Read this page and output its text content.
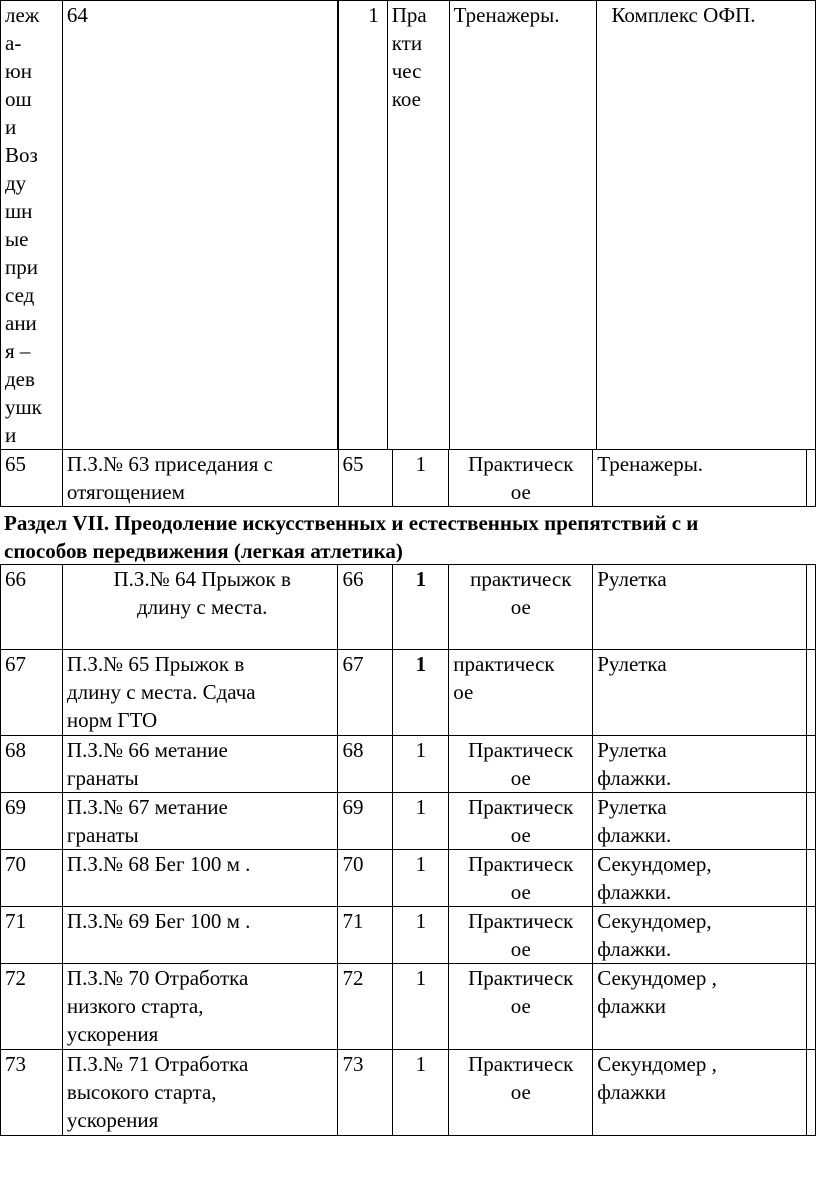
леж
а-
юн
ош
и
Воз
ду
шн
ые
при
сед
ани
я –
дев
ушк
и	64		1	Пра
кти
чес
кое	Тренажеры.	Комплекс ОФП.
65	П.З.№ 63 приседания с
отягощением	65	1	Практическ
ое	Тренажеры.	
Раздел VII. Преодоление искусственных и естественных препятствий с и
способов передвижения (легкая атлетика)
66	П.З.№ 64 Прыжок в
длину с места.	66	1	практическ
ое	Рулетка	
67	П.З.№ 65 Прыжок в
длину с места. Сдача
норм ГТО	67	1	практическ
ое	Рулетка	
68	П.З.№ 66 метание
гранаты	68	1	Практическ
ое	Рулетка
флажки.	
69	П.З.№ 67 метание
гранаты	69	1	Практическ
ое	Рулетка
флажки.	
70	П.З.№ 68 Бег 100 м .	70	1	Практическ
ое	Секундомер,
флажки.	
71	П.З.№ 69 Бег 100 м .	71	1	Практическ
ое	Секундомер,
флажки.	
72	П.З.№ 70 Отработка
низкого старта,
ускорения	72	1	Практическ
ое	Секундомер ,
флажки	
73	П.З.№ 71 Отработка
высокого старта,
ускорения	73	1	Практическ
ое	Секундомер ,
флажки	
